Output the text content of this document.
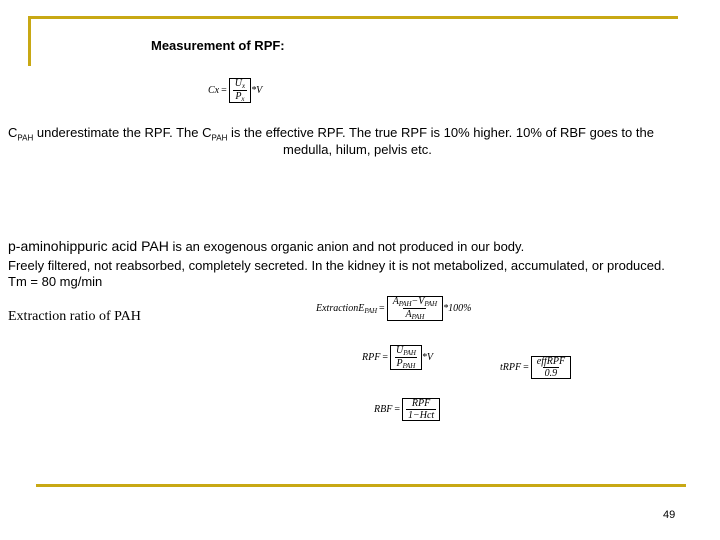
Measurement of RPF:
$Cx = \frac{U_x}{P_x} *V$
$C_{PAH}$ underestimate the RPF. The $C_{PAH}$ is the effective RPF. The true RPF is 10% higher. 10% of RBF goes to the
medulla, hilum, pelvis etc.
p-aminohippuric acid PAH is an exogenous organic anion and not produced in our body.
Freely filtered, not reabsorbed, completely secreted. In the kidney it is not metabolized, accumulated, or produced.
Tm = 80 mg/min
Extraction ratio of PAH
ExtractionE$_{PAH}$ = $\frac{A_{PAH}-V_{PAH}}{A_{PAH}} *100\%$
RPF = $\frac{U_{PAH}}{P_{PAH}} *V$
tRPF = $\frac{\text{effRPF}}{0.9}$
RBF = $\frac{\text{RPF}}{\text{1−Hct}}$
49
